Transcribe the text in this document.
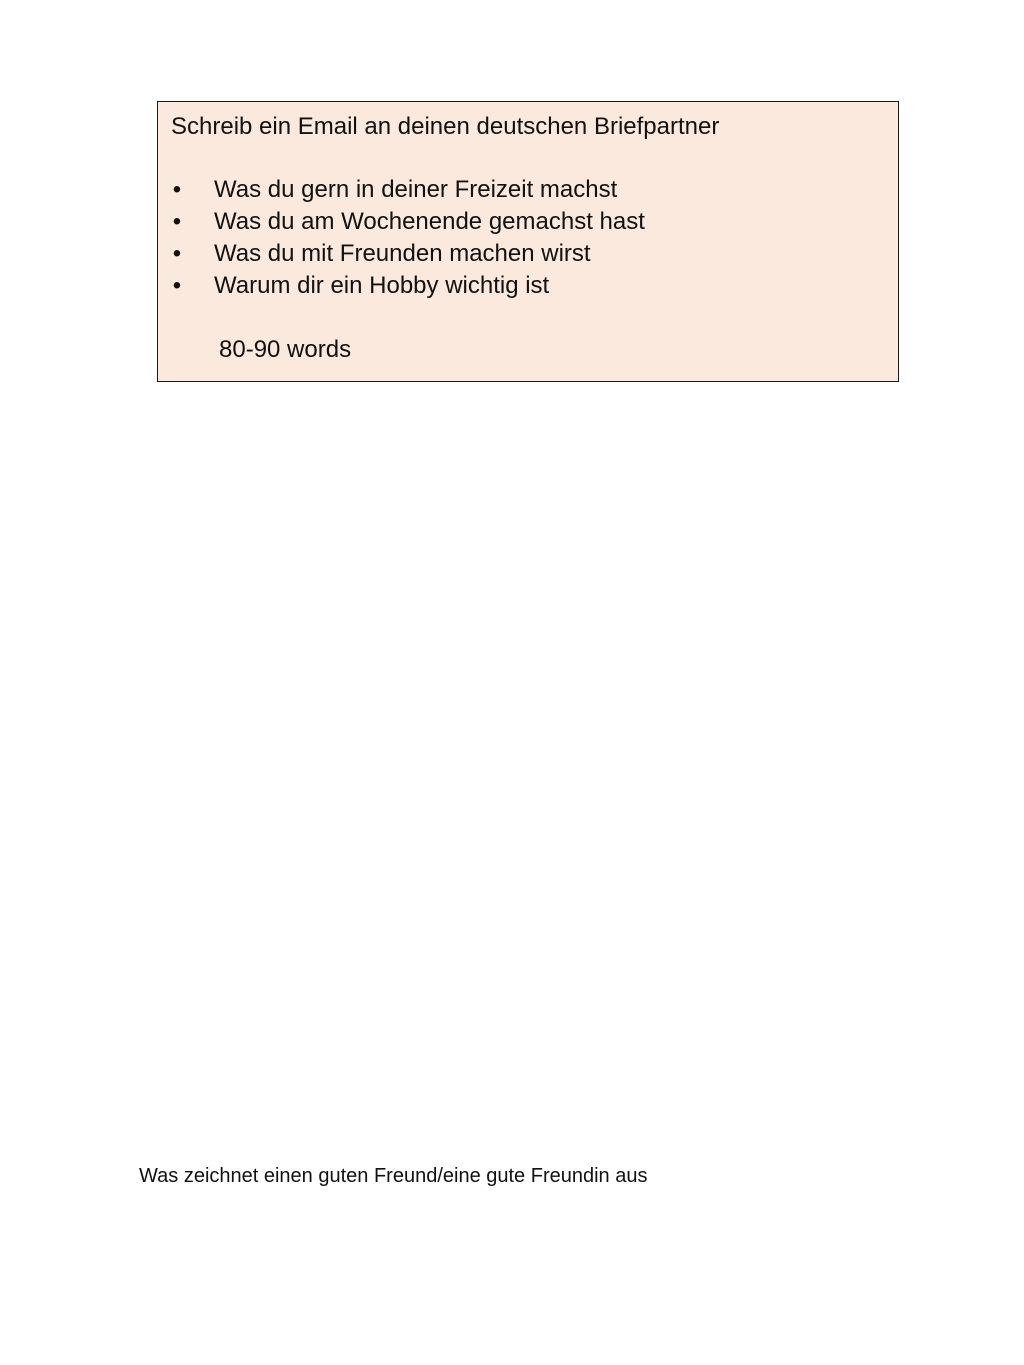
Schreib ein Email an deinen deutschen Briefpartner
• Was du gern in deiner Freizeit machst
• Was du am Wochenende gemachst hast
• Was du mit Freunden machen wirst
• Warum dir ein Hobby wichtig ist
80-90 words
Was zeichnet einen guten Freund/eine gute Freundin aus
